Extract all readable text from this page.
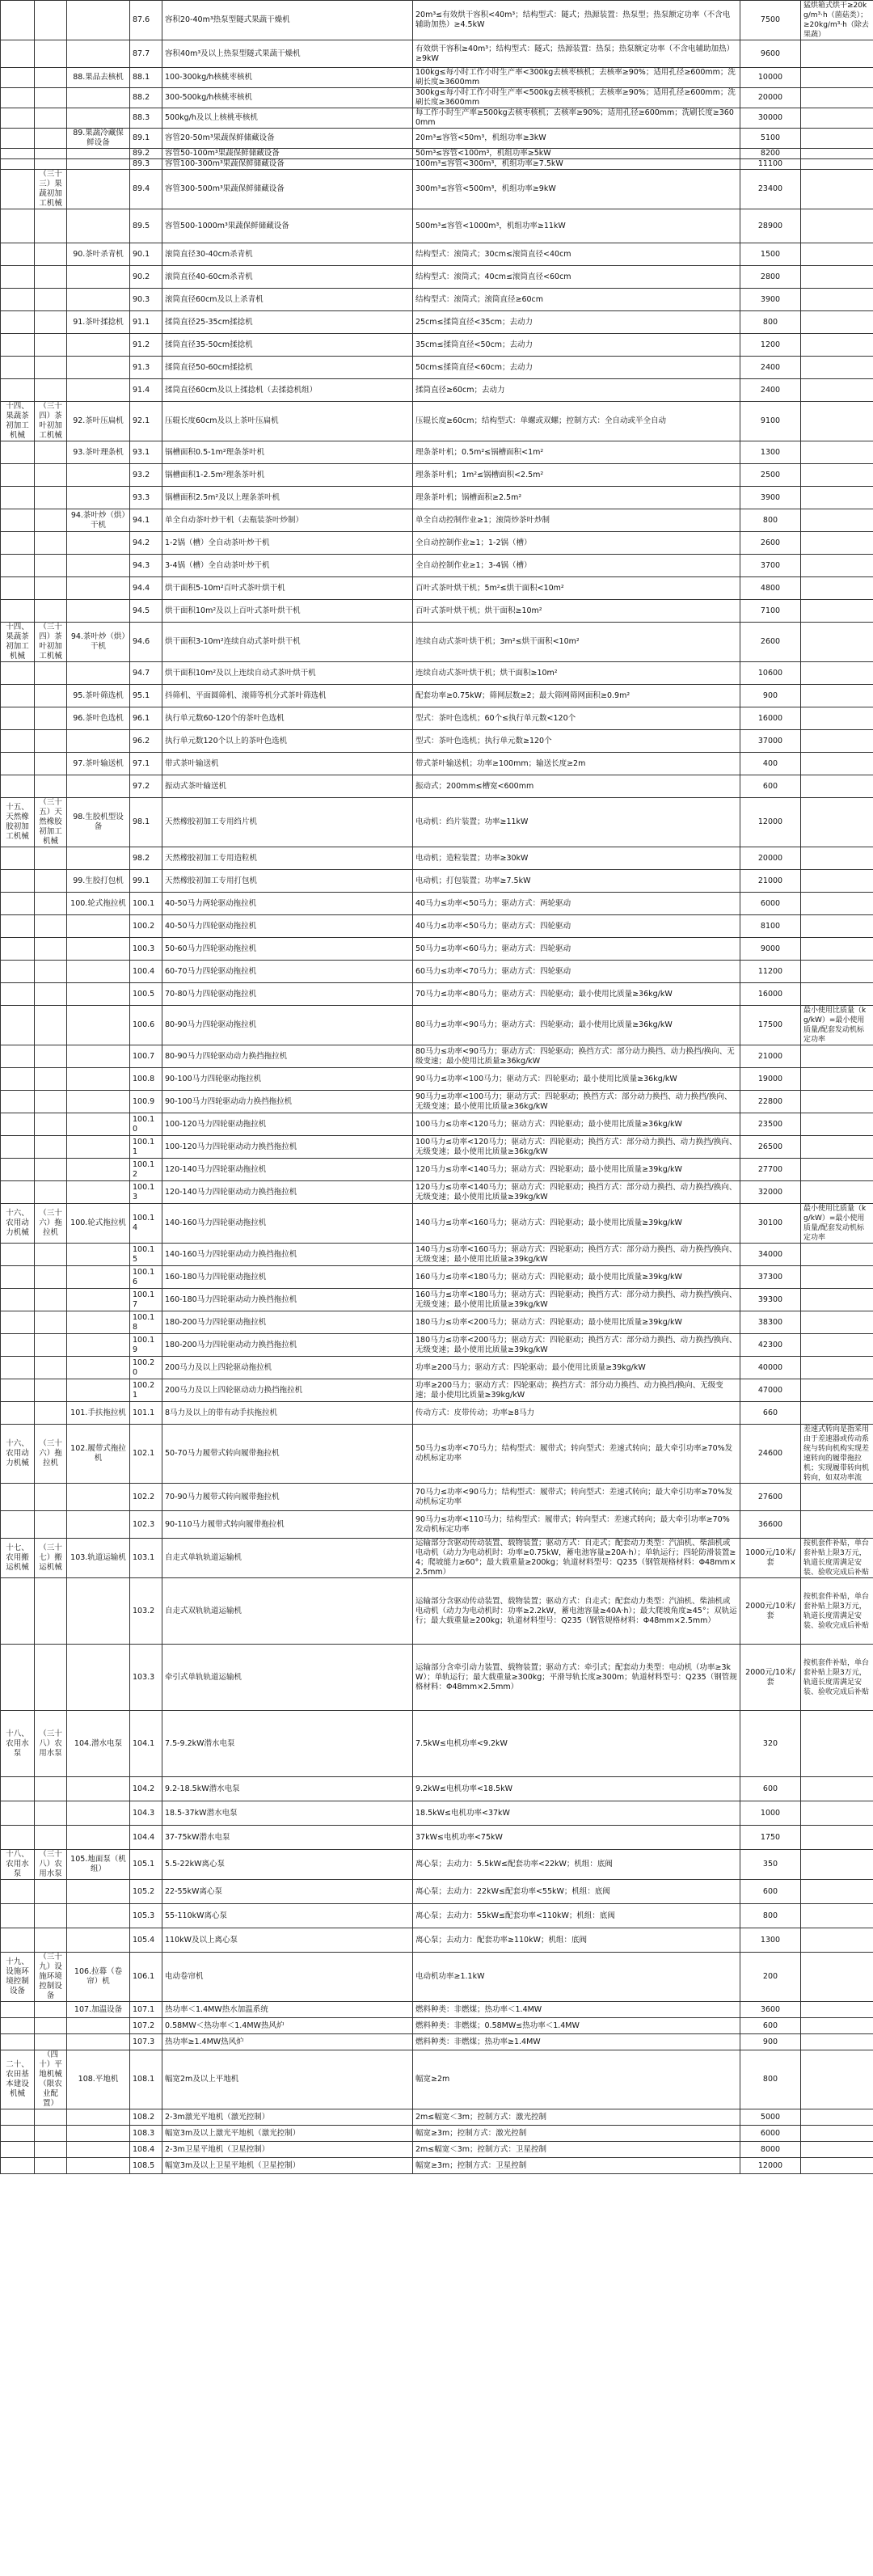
			87.6	容积20-40m³热泵型隧式果蔬干燥机	20m³≤有效烘干容积<40m³；结构型式：隧式；热源装置：热泵型；热泵额定功率（不含电辅助加热）≥4.5kW	7500	猛烘箱式烘干≥20kg/m³·h（菌菇类）；≥20kg/m³·h（除去果蔬）
			87.7	容积40m³及以上热泵型隧式果蔬干燥机	有效烘干容积≥40m³；结构型式：隧式；热源装置：热泵；热泵额定功率（不含电辅助加热）≥9kW	9600	
		88.果品去核机	88.1	100-300kg/h核桃枣核机	100kg≤每小时工作小时生产率<300kg去核枣核机；去核率≥90%；适用孔径≥600mm；洗刷长度≥3600mm	10000	
			88.2	300-500kg/h核桃枣核机	300kg≤每小时工作小时生产率<500kg去核枣核机；去核率≥90%；适用孔径≥600mm；洗刷长度≥3600mm	20000	
			88.3	500kg/h及以上核桃枣核机	每工作小时生产率≥500kg去核枣核机；去核率≥90%；适用孔径≥600mm；洗刷长度≥3600mm	30000	
		89.果蔬冷藏保鲜设备	89.1	容管20-50m³果蔬保鲜储藏设备	20m³≤容管<50m³，机组功率≥3kW	5100	
			89.2	容管50-100m³果蔬保鲜储藏设备	50m³≤容管<100m³，机组功率≥5kW	8200	
			89.3	容管100-300m³果蔬保鲜储藏设备	100m³≤容管<300m³，机组功率≥7.5kW	11100	
	（三十三）果蔬初加工机械		89.4	容管300-500m³果蔬保鲜储藏设备	300m³≤容管<500m³，机组功率≥9kW	23400	
			89.5	容管500-1000m³果蔬保鲜储藏设备	500m³≤容管<1000m³，机组功率≥11kW	28900	
		90.茶叶杀青机	90.1	滚筒直径30-40cm杀青机	结构型式：滚筒式；30cm≤滚筒直径<40cm	1500	
			90.2	滚筒直径40-60cm杀青机	结构型式：滚筒式；40cm≤滚筒直径<60cm	2800	
			90.3	滚筒直径60cm及以上杀青机	结构型式：滚筒式；滚筒直径≥60cm	3900	
		91.茶叶揉捻机	91.1	揉筒直径25-35cm揉捻机	25cm≤揉筒直径<35cm；去动力	800	
			91.2	揉筒直径35-50cm揉捻机	35cm≤揉筒直径<50cm；去动力	1200	
			91.3	揉筒直径50-60cm揉捻机	50cm≤揉筒直径<60cm；去动力	2400	
			91.4	揉筒直径60cm及以上揉捻机（去揉捻机组）	揉筒直径≥60cm；去动力	2400	
十四、果蔬茶初加工机械	（三十四）茶叶初加工机械	92.茶叶压扁机	92.1	压辊长度60cm及以上茶叶压扁机	压辊长度≥60cm；结构型式：单螺或双螺；控制方式：全自动或半全自动	9100	
		93.茶叶理条机	93.1	锅槽面积0.5-1m²理条茶叶机	理条茶叶机；0.5m²≤锅槽面积<1m²	1300	
			93.2	锅槽面积1-2.5m²理条茶叶机	理条茶叶机；1m²≤锅槽面积<2.5m²	2500	
			93.3	锅槽面积2.5m²及以上理条茶叶机	理条茶叶机；锅槽面积≥2.5m²	3900	
		94.茶叶炒（烘）干机	94.1	单全自动茶叶炒干机（去瓶装茶叶炒制）	单全自动控制作业≥1；滚筒炒茶叶炒制	800	
			94.2	1-2锅（槽）全自动茶叶炒干机	全自动控制作业≥1；1-2锅（槽）	2600	
			94.3	3-4锅（槽）全自动茶叶炒干机	全自动控制作业≥1；3-4锅（槽）	3700	
			94.4	烘干面积5-10m²百叶式茶叶烘干机	百叶式茶叶烘干机；5m²≤烘干面积<10m²	4800	
			94.5	烘干面积10m²及以上百叶式茶叶烘干机	百叶式茶叶烘干机；烘干面积≥10m²	7100	
十四、果蔬茶初加工机械	（三十四）茶叶初加工机械	94.茶叶炒（烘）干机	94.6	烘干面积3-10m²连续自动式茶叶烘干机	连续自动式茶叶烘干机；3m²≤烘干面积<10m²	2600	
			94.7	烘干面积10m²及以上连续自动式茶叶烘干机	连续自动式茶叶烘干机；烘干面积≥10m²	10600	
		95.茶叶筛选机	95.1	抖筛机、平面圆筛机、滚筛等机分式茶叶筛选机	配套功率≥0.75kW；筛网层数≥2；最大筛网筛网面积≥0.9m²	900	
		96.茶叶色选机	96.1	执行单元数60-120个的茶叶色选机	型式：茶叶色选机；60个≤执行单元数<120个	16000	
			96.2	执行单元数120个以上的茶叶色选机	型式：茶叶色选机；执行单元数≥120个	37000	
		97.茶叶输送机	97.1	带式茶叶输送机	带式茶叶输送机；功率≥100mm；输送长度≥2m	400	
			97.2	振动式茶叶输送机	振动式；200mm≤槽宽<600mm	600	
十五、天然橡胶初加工机械	（三十五）天然橡胶初加工机械	98.生胶机型设备	98.1	天然橡胶初加工专用绉片机	电动机：绉片装置；功率≥11kW	12000	
			98.2	天然橡胶初加工专用造粒机	电动机；造粒装置；功率≥30kW	20000	
		99.生胶打包机	99.1	天然橡胶初加工专用打包机	电动机；打包装置；功率≥7.5kW	21000	
		100.轮式拖拉机	100.1	40-50马力两轮驱动拖拉机	40马力≤功率<50马力；驱动方式：两轮驱动	6000	
			100.2	40-50马力四轮驱动拖拉机	40马力≤功率<50马力；驱动方式：四轮驱动	8100	
			100.3	50-60马力四轮驱动拖拉机	50马力≤功率<60马力；驱动方式：四轮驱动	9000	
			100.4	60-70马力四轮驱动拖拉机	60马力≤功率<70马力；驱动方式：四轮驱动	11200	
			100.5	70-80马力四轮驱动拖拉机	70马力≤功率<80马力；驱动方式：四轮驱动；最小使用比质量≥36kg/kW	16000	
			100.6	80-90马力四轮驱动拖拉机	80马力≤功率<90马力；驱动方式：四轮驱动；最小使用比质量≥36kg/kW	17500	最小使用比质量（kg/kW）=最小使用质量/配套发动机标定功率
			100.7	80-90马力四轮驱动动力换挡拖拉机	80马力≤功率<90马力；驱动方式：四轮驱动；换挡方式：部分动力换挡、动力换挡/换向、无级变速；最小使用比质量≥36kg/kW	21000	
			100.8	90-100马力四轮驱动拖拉机	90马力≤功率<100马力；驱动方式：四轮驱动；最小使用比质量≥36kg/kW	19000	
			100.9	90-100马力四轮驱动动力换挡拖拉机	90马力≤功率<100马力；驱动方式：四轮驱动；换挡方式：部分动力换挡、动力换挡/换向、无级变速；最小使用比质量≥36kg/kW	22800	
			100.10	100-120马力四轮驱动拖拉机	100马力≤功率<120马力；驱动方式：四轮驱动；最小使用比质量≥36kg/kW	23500	
			100.11	100-120马力四轮驱动动力换挡拖拉机	100马力≤功率<120马力；驱动方式：四轮驱动；换挡方式：部分动力换挡、动力换挡/换向、无级变速；最小使用比质量≥36kg/kW	26500	
			100.12	120-140马力四轮驱动拖拉机	120马力≤功率<140马力；驱动方式：四轮驱动；最小使用比质量≥39kg/kW	27700	
			100.13	120-140马力四轮驱动动力换挡拖拉机	120马力≤功率<140马力；驱动方式：四轮驱动；换挡方式：部分动力换挡、动力换挡/换向、无级变速；最小使用比质量≥39kg/kW	32000	
十六、农用动力机械	（三十六）拖拉机	100.轮式拖拉机	100.14	140-160马力四轮驱动拖拉机	140马力≤功率<160马力；驱动方式：四轮驱动；最小使用比质量≥39kg/kW	30100	最小使用比质量（kg/kW）=最小使用质量/配套发动机标定功率
			100.15	140-160马力四轮驱动动力换挡拖拉机	140马力≤功率<160马力；驱动方式：四轮驱动；换挡方式：部分动力换挡、动力换挡/换向、无级变速；最小使用比质量≥39kg/kW	34000	
			100.16	160-180马力四轮驱动拖拉机	160马力≤功率<180马力；驱动方式：四轮驱动；最小使用比质量≥39kg/kW	37300	
			100.17	160-180马力四轮驱动动力换挡拖拉机	160马力≤功率<180马力；驱动方式：四轮驱动；换挡方式：部分动力换挡、动力换挡/换向、无级变速；最小使用比质量≥39kg/kW	39300	
			100.18	180-200马力四轮驱动拖拉机	180马力≤功率<200马力；驱动方式：四轮驱动；最小使用比质量≥39kg/kW	38300	
			100.19	180-200马力四轮驱动动力换挡拖拉机	180马力≤功率<200马力；驱动方式：四轮驱动；换挡方式：部分动力换挡、动力换挡/换向、无级变速；最小使用比质量≥39kg/kW	42300	
			100.20	200马力及以上四轮驱动拖拉机	功率≥200马力；驱动方式：四轮驱动；最小使用比质量≥39kg/kW	40000	
			100.21	200马力及以上四轮驱动动力换挡拖拉机	功率≥200马力；驱动方式：四轮驱动；换挡方式：部分动力换挡、动力换挡/换向、无级变速；最小使用比质量≥39kg/kW	47000	
		101.手扶拖拉机	101.1	8马力及以上的带有动手扶拖拉机	传动方式：皮带传动；功率≥8马力	660	
十六、农用动力机械	（三十六）拖拉机	102.履带式拖拉机	102.1	50-70马力履带式转向履带拖拉机	50马力≤功率<70马力；结构型式：履带式；转向型式：差速式转向；最大牵引功率≥70%发动机标定功率	24600	差速式转向是指采用由于差速器或传动系统与转向机构实现差速转向的履带拖拉机；实现履带转向机转向，如双功率流
			102.2	70-90马力履带式转向履带拖拉机	70马力≤功率<90马力；结构型式：履带式；转向型式：差速式转向；最大牵引功率≥70%发动机标定功率	27600	
			102.3	90-110马力履带式转向履带拖拉机	90马力≤功率<110马力；结构型式：履带式；转向型式：差速式转向；最大牵引功率≥70%发动机标定功率	36600	
十七、农用搬运机械	（三十七）搬运机械	103.轨道运输机	103.1	自走式单轨轨道运输机	运输部分含驱动传动装置、载物装置；驱动方式：自走式；配套动力类型：汽油机、柴油机或电动机（动力为电动机时：功率≥0.75kW，蓄电池容量≥20A·h）；单轨运行；四轮防滑装置≥4；爬坡能力≥60°；最大载重量≥200kg；轨道材料型号：Q235（钢管规格材料：Φ48mm×2.5mm）	1000元/10米/套	按机套件补贴，单台套补贴上限3万元，轨道长度需满足安装、验收完成后补贴
			103.2	自走式双轨轨道运输机	运输部分含驱动传动装置、载物装置；驱动方式：自走式；配套动力类型：汽油机、柴油机或电动机（动力为电动机时：功率≥2.2kW，蓄电池容量≥40A·h）；最大爬坡角度≥45°；双轨运行；最大载重量≥200kg；轨道材料型号：Q235（钢管规格材料：Φ48mm×2.5mm）	2000元/10米/套	按机套件补贴，单台套补贴上限3万元，轨道长度需满足安装、验收完成后补贴
			103.3	牵引式单轨轨道运输机	运输部分含牵引动力装置、载物装置；驱动方式：牵引式；配套动力类型：电动机（功率≥3kW）；单轨运行；最大载重量≥300kg；平滑导轨长度≥300m；轨道材料型号：Q235（钢管规格材料：Φ48mm×2.5mm）	2000元/10米/套	按机套件补贴，单台套补贴上限3万元，轨道长度需满足安装、验收完成后补贴
十八、农用水泵	（三十八）农用水泵	104.潜水电泵	104.1	7.5-9.2kW潜水电泵	7.5kW≤电机功率<9.2kW	320	
			104.2	9.2-18.5kW潜水电泵	9.2kW≤电机功率<18.5kW	600	
			104.3	18.5-37kW潜水电泵	18.5kW≤电机功率<37kW	1000	
			104.4	37-75kW潜水电泵	37kW≤电机功率<75kW	1750	
十八、农用水泵	（三十八）农用水泵	105.地面泵（机组）	105.1	5.5-22kW离心泵	离心泵；去动力：5.5kW≤配套功率<22kW；机组：底阀	350	
			105.2	22-55kW离心泵	离心泵；去动力：22kW≤配套功率<55kW；机组：底阀	600	
			105.3	55-110kW离心泵	离心泵；去动力：55kW≤配套功率<110kW；机组：底阀	800	
			105.4	110kW及以上离心泵	离心泵；去动力：配套功率≥110kW；机组：底阀	1300	
十九、设施环境控制设备	（三十九）设施环境控制设备	106.拉幕（卷帘）机	106.1	电动卷帘机	电动机功率≥1.1kW	200	
		107.加温设备	107.1	热功率＜1.4MW热水加温系统	燃料种类：非燃煤；热功率＜1.4MW	3600	
			107.2	0.58MW＜热功率＜1.4MW热风炉	燃料种类：非燃煤；0.58MW≤热功率＜1.4MW	600	
			107.3	热功率≥1.4MW热风炉	燃料种类：非燃煤；热功率≥1.4MW	900	
二十、农田基本建设机械	（四十）平地机械（限农业配置）	108.平地机	108.1	幅宽2m及以上平地机	幅宽≥2m	800	
			108.2	2-3m激光平地机（激光控制）	2m≤幅宽＜3m；控制方式：激光控制	5000	
			108.3	幅宽3m及以上激光平地机（激光控制）	幅宽≥3m；控制方式：激光控制	6000	
			108.4	2-3m卫星平地机（卫星控制）	2m≤幅宽＜3m；控制方式：卫星控制	8000	
			108.5	幅宽3m及以上卫星平地机（卫星控制）	幅宽≥3m；控制方式：卫星控制	12000	
